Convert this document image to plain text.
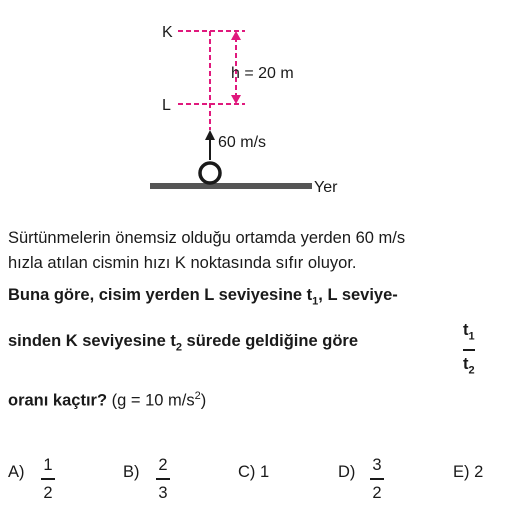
K
L
h = 20 m
60 m/s
Yer
Sürtünmelerin önemsiz olduğu ortamda yerden 60 m/s
hızla atılan cismin hızı K noktasında sıfır oluyor.
Buna göre, cisim yerden L seviyesine $t_1$, L seviye-
sinden K seviyesine $t_2$ sürede geldiğine göre
$t_1$
$t_2$
oranı kaçtır? (g = 10 $m/s^2$)
A) 1
2
B) 2
3
C) 1	D) 3
2
E) 2
